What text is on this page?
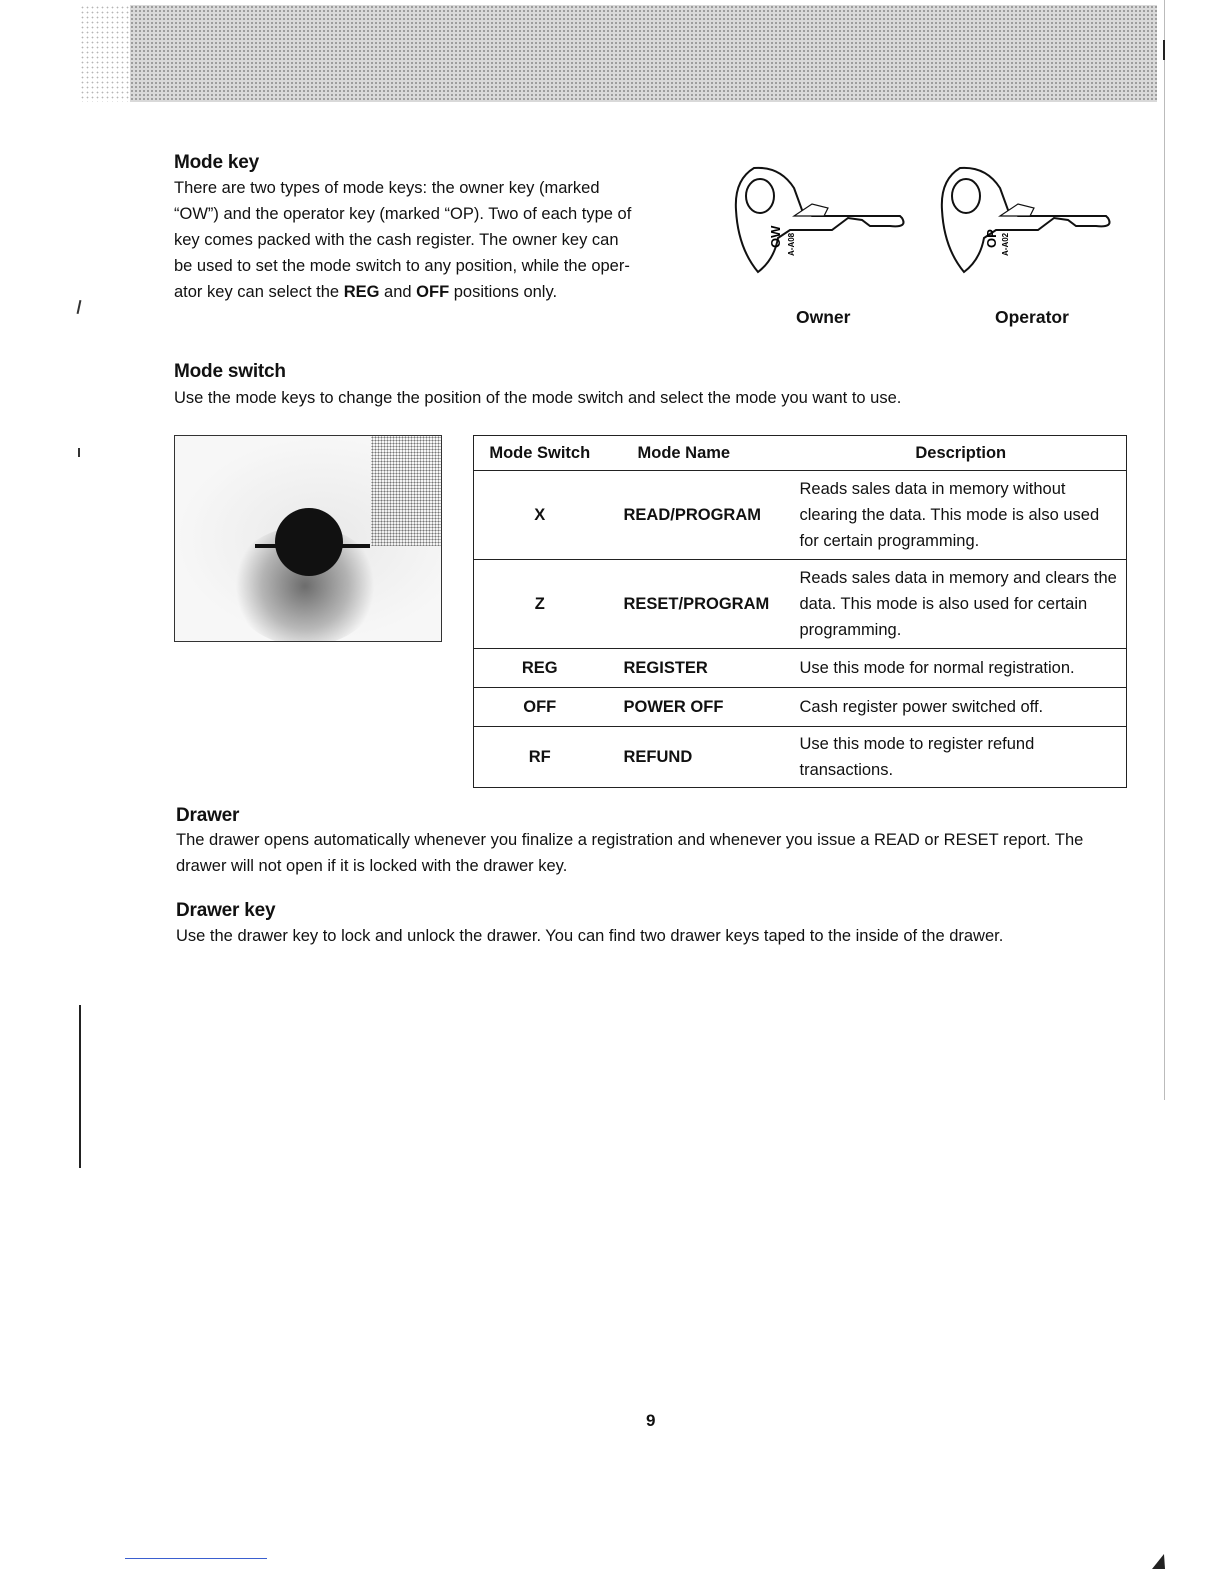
Mode key

There are two types of mode keys: the owner key (marked
“OW”) and the operator key (marked “OP). Two of each type of
key comes packed with the cash register. The owner key can
be used to set the mode switch to any position, while the oper-
ator key can select the REG and OFF positions only.

OW A-A08	OP A-A02
Owner	Operator
Mode switch

Use the mode keys to change the position of the mode switch and select the mode you want to use.

Mode Switch	Mode Name	Description
X	READ/PROGRAM	Reads sales data in memory without clearing the data. This mode is also used for certain programming.
Z	RESET/PROGRAM	Reads sales data in memory and clears the data. This mode is also used for certain programming.
REG	REGISTER	Use this mode for normal registration.
OFF	POWER OFF	Cash register power switched off.
RF	REFUND	Use this mode to register refund transactions.
Drawer

The drawer opens automatically whenever you finalize a registration and whenever you issue a READ or RESET report. The drawer will not open if it is locked with the drawer key.

Drawer key

Use the drawer key to lock and unlock the drawer. You can find two drawer keys taped to the inside of the drawer.

9
